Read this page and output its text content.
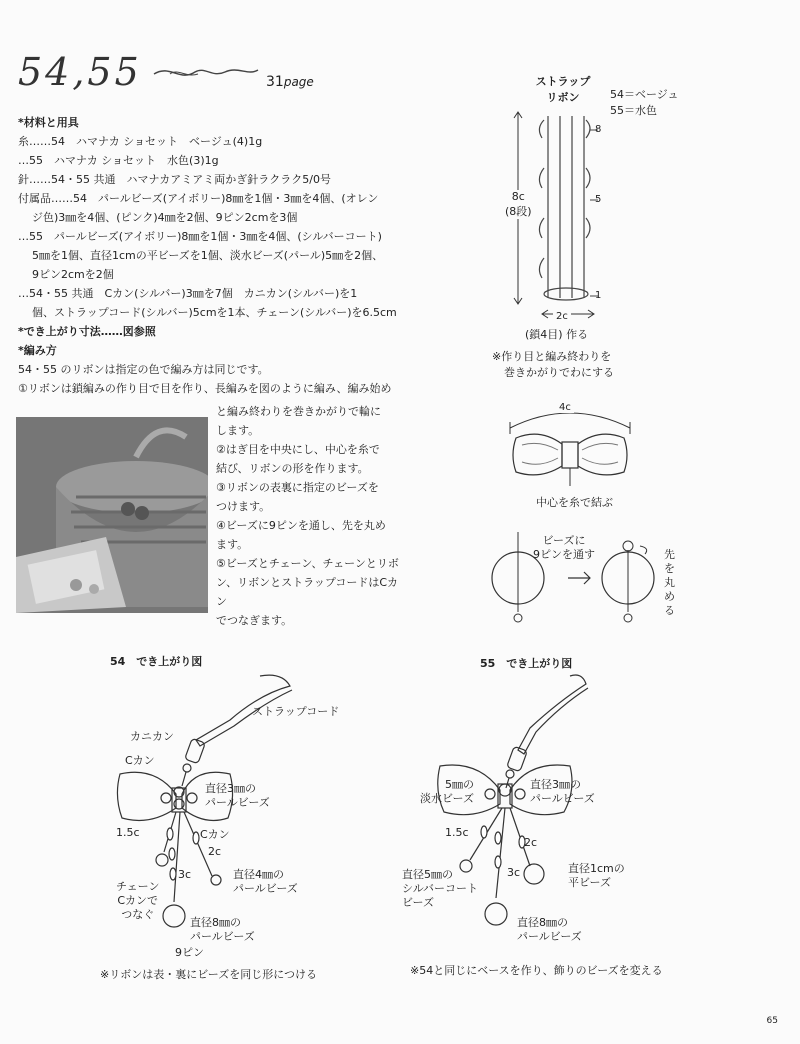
54,55	31page
*材料と用具
糸……54　ハマナカ ショセット　ベージュ(4)1g
…55　ハマナカ ショセット　水色(3)1g
針……54・55 共通　ハマナカアミアミ両かぎ針ラクラク5/0号
付属品……54　パールビーズ(アイボリー)8㎜を1個・3㎜を4個、(オレン
ジ色)3㎜を4個、(ピンク)4㎜を2個、9ピン2cmを3個
…55　パールビーズ(アイボリー)8㎜を1個・3㎜を4個、(シルバーコート)
5㎜を1個、直径1cmの平ビーズを1個、淡水ビーズ(パール)5㎜を2個、
9ピン2cmを2個
…54・55 共通　Cカン(シルバー)3㎜を7個　カニカン(シルバー)を1
個、ストラップコード(シルバー)5cmを1本、チェーン(シルバー)を6.5cm
*でき上がり寸法……図参照
*編み方
54・55 のリボンは指定の色で編み方は同じです。
①リボンは鎖編みの作り目で目を作り、長編みを図のように編み、編み始め
と編み終わりを巻きかがりで輪に
します。
②はぎ目を中央にし、中心を糸で
結び、リボンの形を作ります。
③リボンの表裏に指定のビーズを
つけます。
④ビーズに9ピンを通し、先を丸め
ます。
⑤ビーズとチェーン、チェーンとリボ
ン、リボンとストラップコードはCカン
でつなぎます。
ストラップ
リボン	54＝ベージュ
55＝水色
8
5
1
8c
(8段)
2c
(鎖4目) 作る
※作り目と編み終わりを
巻きかがりでわにする
4c
中心を糸で結ぶ
ビーズに
9ピンを通す	先を丸める
54　でき上がり図
ストラップコード
カニカン
Cカン
直径3㎜の
パールビーズ
1.5c	Cカン
2c
3c	直径4㎜の
パールビーズ
チェーン
Cカンで
つなぐ
直径8㎜の
パールビーズ
9ピン
※リボンは表・裏にビーズを同じ形につける
55　でき上がり図
5㎜の
淡水ビーズ
直径3㎜の
パールビーズ
1.5c
2c
3c	直径1cmの
平ビーズ
直径5㎜の
シルバーコート
ビーズ
直径8㎜の
パールビーズ
※54と同じにベースを作り、飾りのビーズを変える
65
